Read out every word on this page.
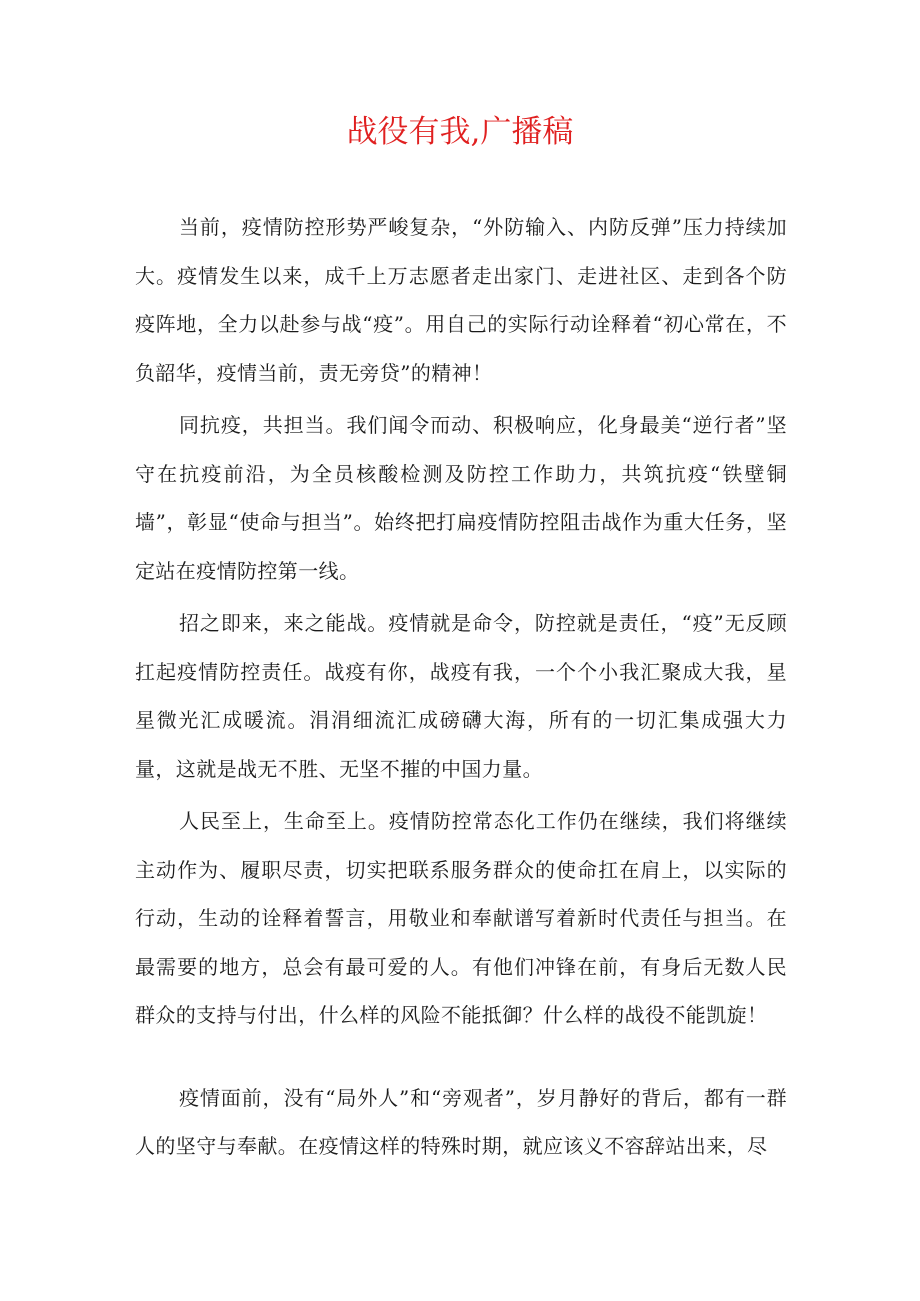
战役有我,广播稿

当前，疫情防控形势严峻复杂，“外防输入、内防反弹”压力持续加大。疫情发生以来，成千上万志愿者走出家门、走进社区、走到各个防疫阵地，全力以赴参与战“疫”。用自己的实际行动诠释着“初心常在，不负韶华，疫情当前，责无旁贷”的精神！

同抗疫，共担当。我们闻令而动、积极响应，化身最美“逆行者”坚守在抗疫前沿，为全员核酸检测及防控工作助力，共筑抗疫“铁壁铜墙”，彰显“使命与担当”。始终把打扁疫情防控阻击战作为重大任务，坚定站在疫情防控第一线。

招之即来，来之能战。疫情就是命令，防控就是责任，“疫”无反顾扛起疫情防控责任。战疫有你，战疫有我，一个个小我汇聚成大我，星星微光汇成暖流。涓涓细流汇成磅礴大海，所有的一切汇集成强大力量，这就是战无不胜、无坚不摧的中国力量。

人民至上，生命至上。疫情防控常态化工作仍在继续，我们将继续主动作为、履职尽责，切实把联系服务群众的使命扛在肩上，以实际的行动，生动的诠释着誓言，用敬业和奉献谱写着新时代责任与担当。在最需要的地方，总会有最可爱的人。有他们冲锋在前，有身后无数人民群众的支持与付出，什么样的风险不能抵御？什么样的战役不能凯旋！

疫情面前，没有“局外人”和“旁观者”，岁月静好的背后，都有一群人的坚守与奉献。在疫情这样的特殊时期，就应该义不容辞站出来，尽
